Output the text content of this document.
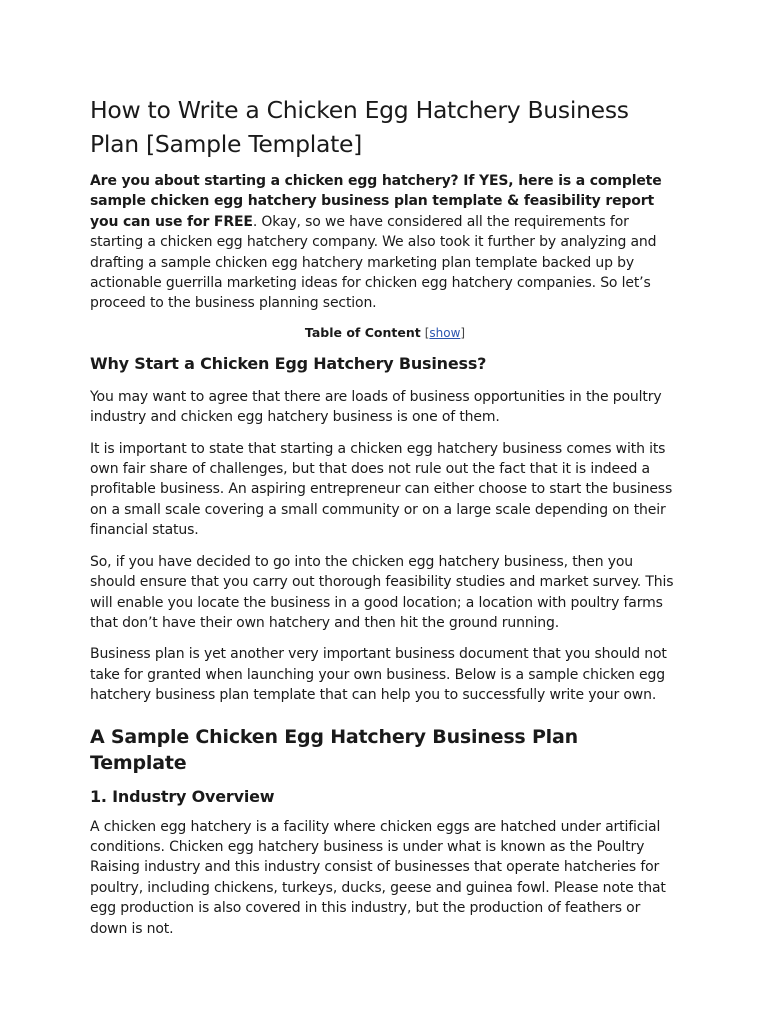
How to Write a Chicken Egg Hatchery Business Plan [Sample Template]

Are you about starting a chicken egg hatchery? If YES, here is a complete sample chicken egg hatchery business plan template & feasibility report you can use for FREE. Okay, so we have considered all the requirements for starting a chicken egg hatchery company. We also took it further by analyzing and drafting a sample chicken egg hatchery marketing plan template backed up by actionable guerrilla marketing ideas for chicken egg hatchery companies. So let’s proceed to the business planning section.

Table of Content [show]
Why Start a Chicken Egg Hatchery Business?

You may want to agree that there are loads of business opportunities in the poultry industry and chicken egg hatchery business is one of them.

It is important to state that starting a chicken egg hatchery business comes with its own fair share of challenges, but that does not rule out the fact that it is indeed a profitable business. An aspiring entrepreneur can either choose to start the business on a small scale covering a small community or on a large scale depending on their financial status.

So, if you have decided to go into the chicken egg hatchery business, then you should ensure that you carry out thorough feasibility studies and market survey. This will enable you locate the business in a good location; a location with poultry farms that don’t have their own hatchery and then hit the ground running.

Business plan is yet another very important business document that you should not take for granted when launching your own business. Below is a sample chicken egg hatchery business plan template that can help you to successfully write your own.

A Sample Chicken Egg Hatchery Business Plan Template
1. Industry Overview

A chicken egg hatchery is a facility where chicken eggs are hatched under artificial conditions. Chicken egg hatchery business is under what is known as the Poultry Raising industry and this industry consist of businesses that operate hatcheries for poultry, including chickens, turkeys, ducks, geese and guinea fowl. Please note that egg production is also covered in this industry, but the production of feathers or down is not.
